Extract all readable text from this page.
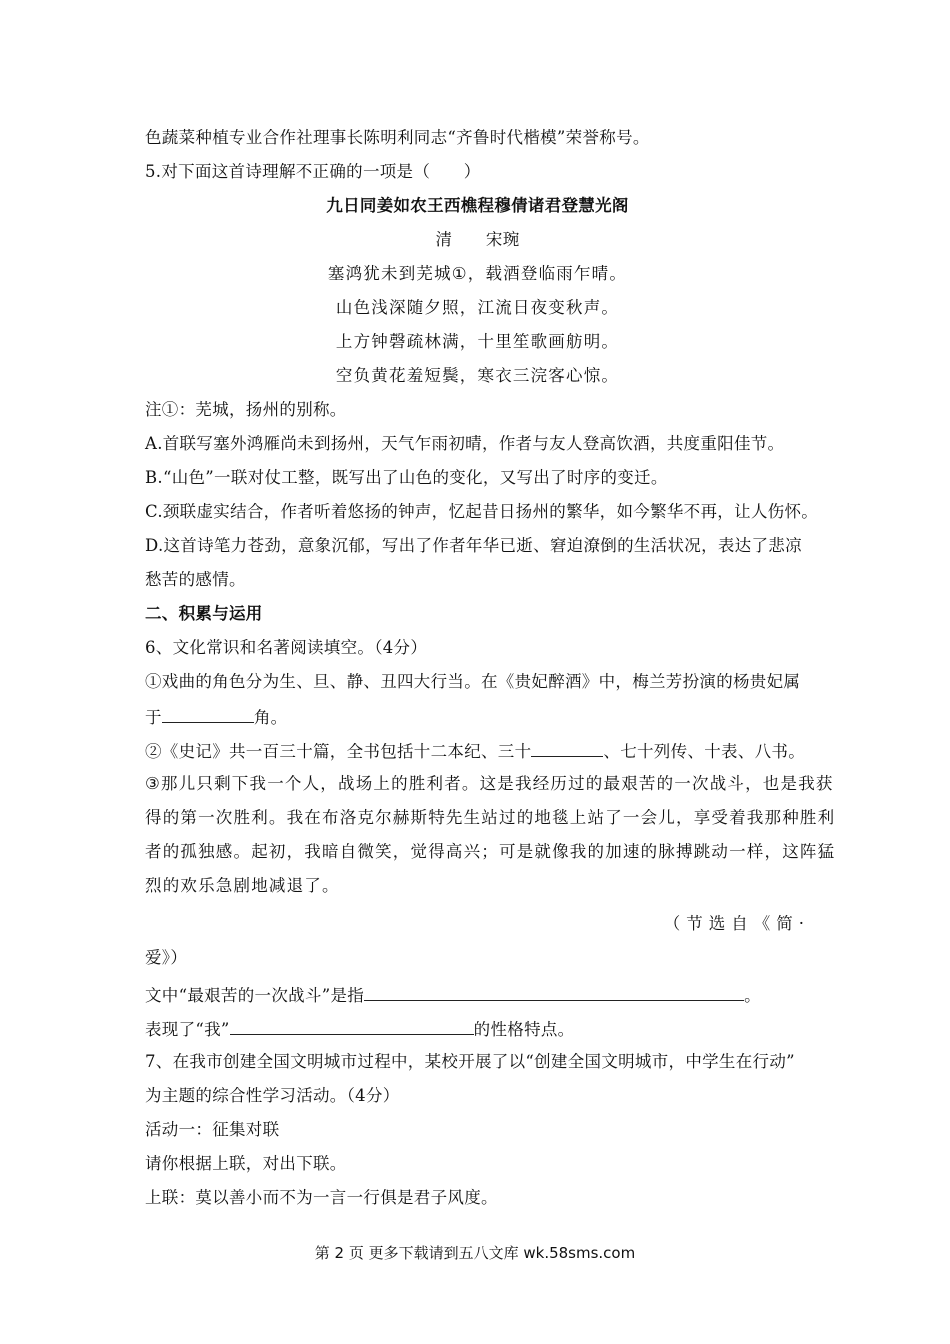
色蔬菜种植专业合作社理事长陈明利同志“齐鲁时代楷模”荣誉称号。
5.对下面这首诗理解不正确的一项是（　　）
九日同姜如农王西樵程穆倩诸君登慧光阁
清　　宋琬
塞鸿犹未到芜城①，载酒登临雨乍晴。
山色浅深随夕照，江流日夜变秋声。
上方钟磬疏林满，十里笙歌画舫明。
空负黄花羞短鬓，寒衣三浣客心惊。
注①：芜城，扬州的别称。
A.首联写塞外鸿雁尚未到扬州，天气乍雨初晴，作者与友人登高饮酒，共度重阳佳节。
B.“山色”一联对仗工整，既写出了山色的变化，又写出了时序的变迁。
C.颈联虚实结合，作者听着悠扬的钟声，忆起昔日扬州的繁华，如今繁华不再，让人伤怀。
D.这首诗笔力苍劲，意象沉郁，写出了作者年华已逝、窘迫潦倒的生活状况，表达了悲凉
愁苦的感情。
二、积累与运用
6、文化常识和名著阅读填空。（4分）
①戏曲的角色分为生、旦、静、丑四大行当。在《贵妃醉酒》中，梅兰芳扮演的杨贵妃属
于	角。
②《史记》共一百三十篇，全书包括十二本纪、三十	、七十列传、十表、八书。
③那儿只剩下我一个人，战场上的胜利者。这是我经历过的最艰苦的一次战斗，也是我获
得的第一次胜利。我在布洛克尔赫斯特先生站过的地毯上站了一会儿，享受着我那种胜利
者的孤独感。起初，我暗自微笑，觉得高兴；可是就像我的加速的脉搏跳动一样，这阵猛
烈的欢乐急剧地减退了。
（节选自《简·
爱》）
文中“最艰苦的一次战斗”是指	。
表现了“我”	的性格特点。
7、在我市创建全国文明城市过程中，某校开展了以“创建全国文明城市，中学生在行动”
为主题的综合性学习活动。（4分）
活动一：征集对联
请你根据上联，对出下联。
上联：莫以善小而不为一言一行俱是君子风度。
第 2 页 更多下载请到五八文库 wk.58sms.com
